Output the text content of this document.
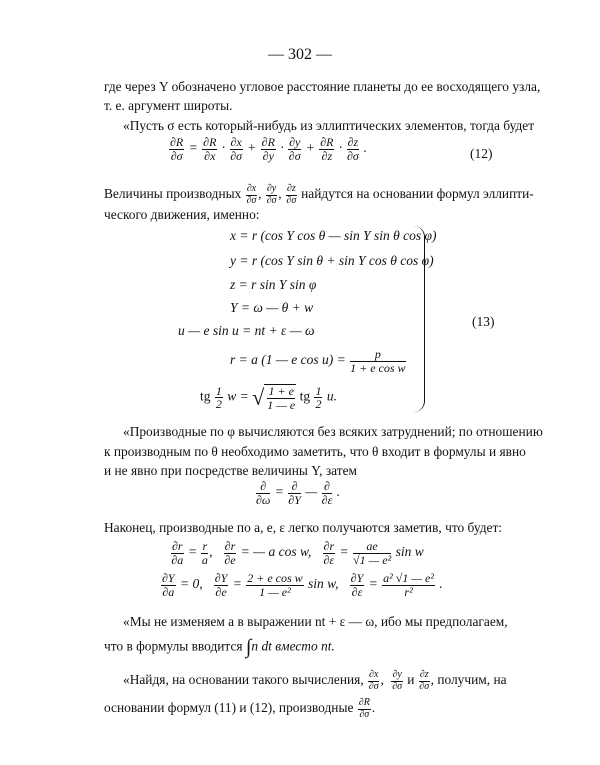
— 302 —
где через Υ обозначено угловое расстояние планеты до ее восходящего узла,
т. е. аргумент широты.
«Пусть σ есть который-нибудь из эллиптических элементов, тогда будет
$\frac{\partial R}{\partial\sigma} = \frac{\partial R}{\partial x} \cdot \frac{\partial x}{\partial\sigma} + \frac{\partial R}{\partial y} \cdot \frac{\partial y}{\partial\sigma} + \frac{\partial R}{\partial z} \cdot \frac{\partial z}{\partial\sigma}$ .	(12)
Величины производных $\frac{\partial x}{\partial\sigma}$ , $\frac{\partial y}{\partial\sigma}$ , $\frac{\partial z}{\partial\sigma}$ найдутся на основании формул эллипти-
ческого движения, именно:
x = r (cos Υ cos θ — sin Υ sin θ cos φ)
y = r (cos Υ sin θ + sin Υ cos θ cos φ)
z = r sin Υ sin φ
Υ = ω — θ + w
u — e sin u = nt + ε — ω
r = a (1 — e $\cos u) = \frac{p}{\text{1 + e cos w}}$
tg $\frac{1}{2}$ w = √ $\frac{1 + e}{1 — e}$ tg $\frac{1}{2} u$.
(13)
«Производные по φ вычисляются без всяких затруднений; по отношению
к производным по θ необходимо заметить, что θ входит в формулы и явно
и не явно при посредстве величины Υ, затем
$\frac{\partial}{\partial\omega} = \frac{\partial}{\partial\Upsilon}$ — $\frac{\partial}{\partial\varepsilon}$ .
Наконец, производные по a, e, ε легко получаются заметив, что будет:
$\frac{\partial r}{\partial a} = \frac{r}{a}$ , $\frac{\partial r}{\partial e}$ = — a cos w, $\frac{\partial r}{\partial\varepsilon} = \frac{ae}{\text{√1 — e²}}$ sin w
$\frac{\partial\Upsilon}{\partial a} = 0$, $\frac{\partial\Upsilon}{\partial e} = \frac{\text{2 + e cos w}}{\text{1 — e²}}$ sin w, $\frac{\partial\Upsilon}{\partial\varepsilon} = \frac{\text{a² √1 — e²}}{\text{r²}}$ .
«Мы не изменяем a в выражении nt + ε — ω, ибо мы предполагаем,
что в формулы вводится ∫n dt вместо nt.
«Найдя, на основании такого вычисления, $\frac{\partial x}{\partial\sigma}$ , $\frac{\partial y}{\partial\sigma}$ и $\frac{\partial z}{\partial\sigma}$ , получим, на
основании формул (11) и (12), производные $\frac{\partial R}{\partial\sigma}$ .
